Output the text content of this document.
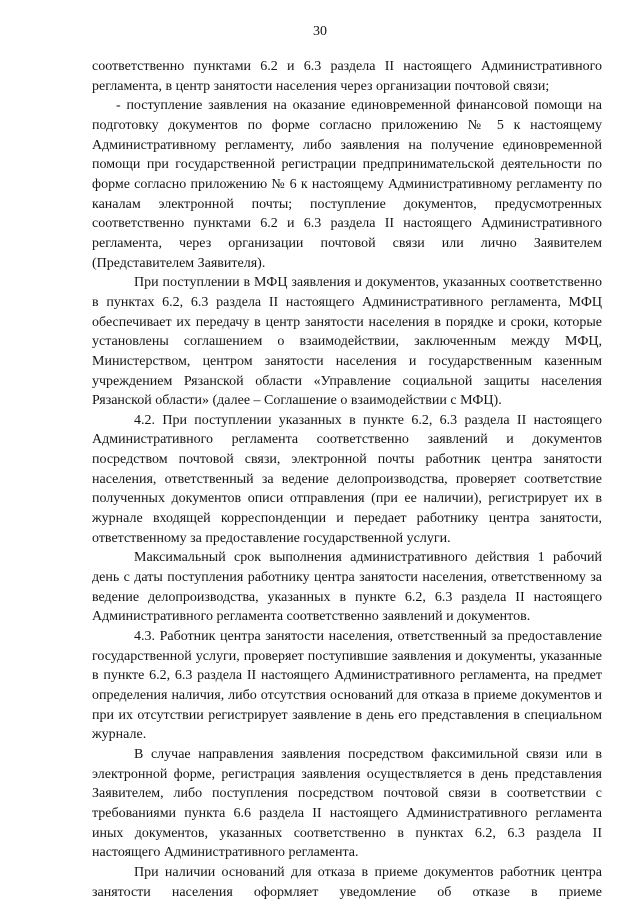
30

соответственно пунктами 6.2 и 6.3 раздела II настоящего Административного регламента, в центр занятости населения через организации почтовой связи;

- поступление заявления на оказание единовременной финансовой помощи на подготовку документов по форме согласно приложению № 5 к настоящему Административному регламенту, либо заявления на получение единовременной помощи при государственной регистрации предпринимательской деятельности по форме согласно приложению № 6 к настоящему Административному регламенту по каналам электронной почты; поступление документов, предусмотренных соответственно пунктами 6.2 и 6.3 раздела II настоящего Административного регламента, через организации почтовой связи или лично Заявителем (Представителем Заявителя).

При поступлении в МФЦ заявления и документов, указанных соответственно в пунктах 6.2, 6.3 раздела II настоящего Административного регламента, МФЦ обеспечивает их передачу в центр занятости населения в порядке и сроки, которые установлены соглашением о взаимодействии, заключенным между МФЦ, Министерством, центром занятости населения и государственным казенным учреждением Рязанской области «Управление социальной защиты населения Рязанской области» (далее – Соглашение о взаимодействии с МФЦ).

4.2. При поступлении указанных в пункте 6.2, 6.3 раздела II настоящего Административного регламента соответственно заявлений и документов посредством почтовой связи, электронной почты работник центра занятости населения, ответственный за ведение делопроизводства, проверяет соответствие полученных документов описи отправления (при ее наличии), регистрирует их в журнале входящей корреспонденции и передает работнику центра занятости, ответственному за предоставление государственной услуги.

Максимальный срок выполнения административного действия 1 рабочий день с даты поступления работнику центра занятости населения, ответственному за ведение делопроизводства, указанных в пункте 6.2, 6.3 раздела II настоящего Административного регламента соответственно заявлений и документов.

4.3. Работник центра занятости населения, ответственный за предоставление государственной услуги, проверяет поступившие заявления и документы, указанные в пункте 6.2, 6.3 раздела II настоящего Административного регламента, на предмет определения наличия, либо отсутствия оснований для отказа в приеме документов и при их отсутствии регистрирует заявление в день его представления в специальном журнале.

В случае направления заявления посредством факсимильной связи или в электронной форме, регистрация заявления осуществляется в день представления Заявителем, либо поступления посредством почтовой связи в соответствии с требованиями пункта 6.6 раздела II настоящего Административного регламента иных документов, указанных соответственно в пунктах 6.2, 6.3 раздела II настоящего Административного регламента.

При наличии оснований для отказа в приеме документов работник центра занятости населения оформляет уведомление об отказе в приеме
